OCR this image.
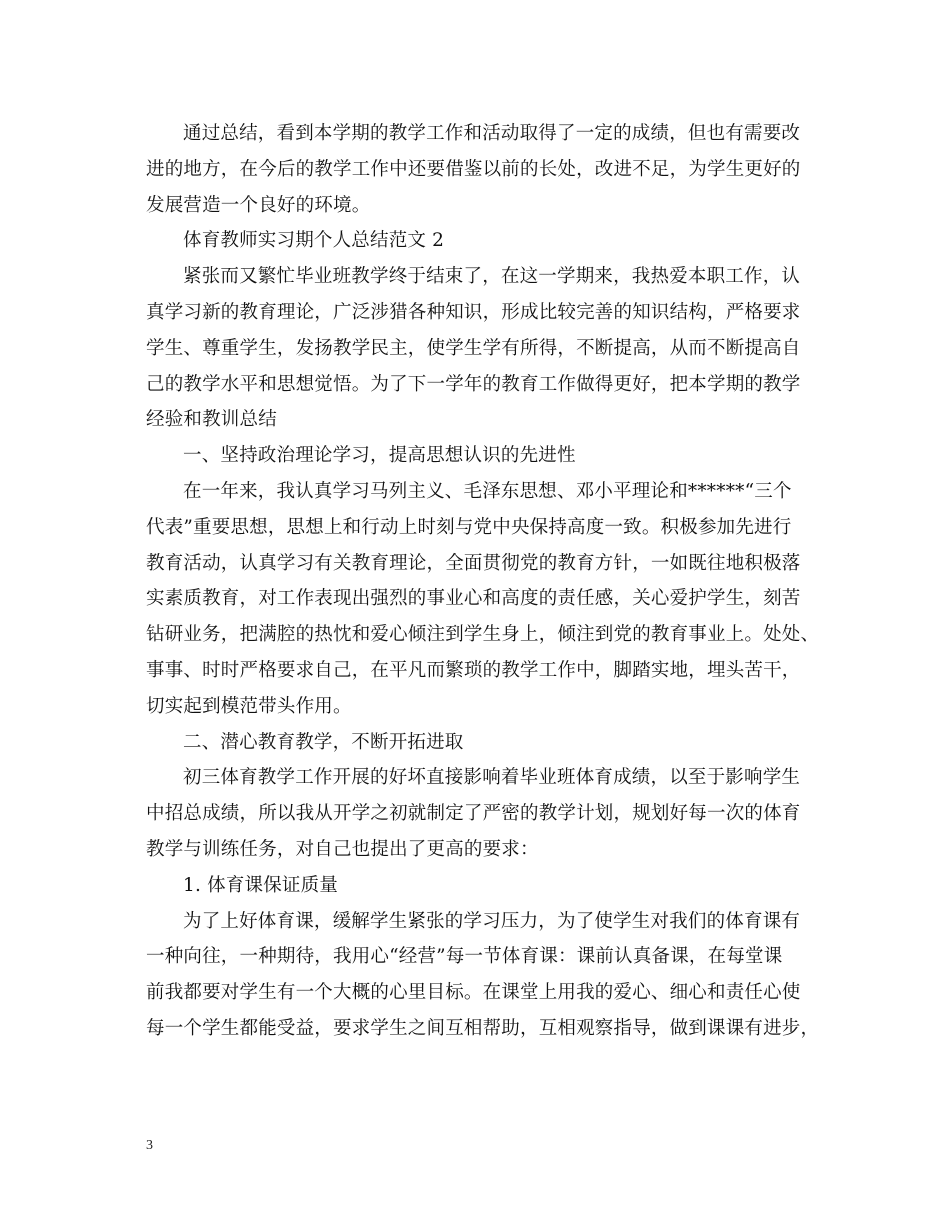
通过总结，看到本学期的教学工作和活动取得了一定的成绩，但也有需要改
进的地方，在今后的教学工作中还要借鉴以前的长处，改进不足，为学生更好的
发展营造一个良好的环境。
体育教师实习期个人总结范文 2
紧张而又繁忙毕业班教学终于结束了，在这一学期来，我热爱本职工作，认
真学习新的教育理论，广泛涉猎各种知识，形成比较完善的知识结构，严格要求
学生、尊重学生，发扬教学民主，使学生学有所得，不断提高，从而不断提高自
己的教学水平和思想觉悟。为了下一学年的教育工作做得更好，把本学期的教学
经验和教训总结
一、坚持政治理论学习，提高思想认识的先进性
在一年来，我认真学习马列主义、毛泽东思想、邓小平理论和******“三个
代表”重要思想，思想上和行动上时刻与党中央保持高度一致。积极参加先进行
教育活动，认真学习有关教育理论，全面贯彻党的教育方针，一如既往地积极落
实素质教育，对工作表现出强烈的事业心和高度的责任感，关心爱护学生，刻苦
钻研业务，把满腔的热忱和爱心倾注到学生身上，倾注到党的教育事业上。处处、
事事、时时严格要求自己，在平凡而繁琐的教学工作中，脚踏实地，埋头苦干，
切实起到模范带头作用。
二、潜心教育教学，不断开拓进取
初三体育教学工作开展的好坏直接影响着毕业班体育成绩，以至于影响学生
中招总成绩，所以我从开学之初就制定了严密的教学计划，规划好每一次的体育
教学与训练任务，对自己也提出了更高的要求：
1. 体育课保证质量
为了上好体育课，缓解学生紧张的学习压力，为了使学生对我们的体育课有
一种向往，一种期待，我用心“经营”每一节体育课：课前认真备课，在每堂课
前我都要对学生有一个大概的心里目标。在课堂上用我的爱心、细心和责任心使
每一个学生都能受益，要求学生之间互相帮助，互相观察指导，做到课课有进步，
3
